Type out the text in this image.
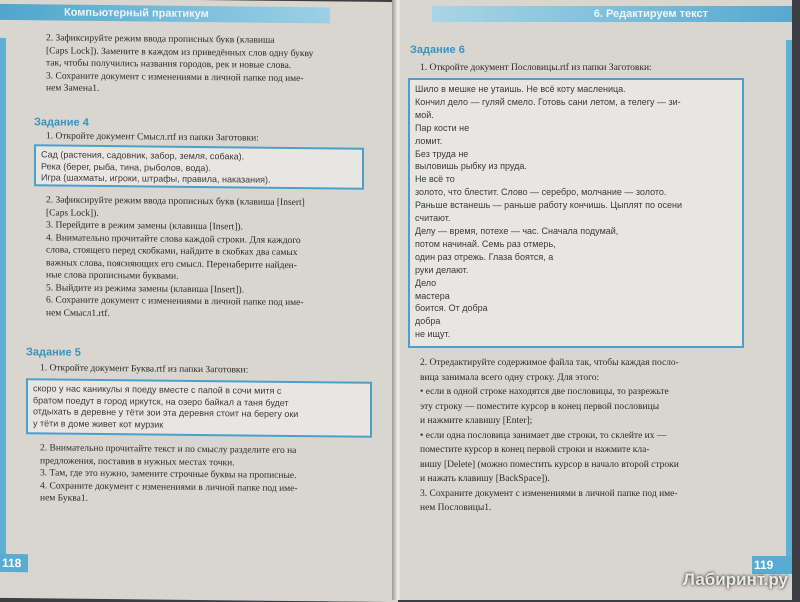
Компьютерный практикум
2. Зафиксируйте режим ввода прописных букв (клавиша
[Caps Lock]). Замените в каждом из приведённых слов одну букву
так, чтобы получились названия городов, рек и новые слова.
3. Сохраните документ с изменениями в личной папке под име-
нем Замена1.
Задание 4
1. Откройте документ Смысл.rtf из папки Заготовки:
Сад (растения, садовник, забор, земля, собака).
Река (берег, рыба, тина, рыболов, вода).
Игра (шахматы, игроки, штрафы, правила, наказания).
2. Зафиксируйте режим ввода прописных букв (клавиша [Insert]
[Caps Lock]).
3. Перейдите в режим замены (клавиша [Insert]).
4. Внимательно прочитайте слова каждой строки. Для каждого
слова, стоящего перед скобками, найдите в скобках два самых
важных слова, поясняющих его смысл. Перенаберите найден-
ные слова прописными буквами.
5. Выйдите из режима замены (клавиша [Insert]).
6. Сохраните документ с изменениями в личной папке под име-
нем Смысл1.rtf.
Задание 5
1. Откройте документ Буква.rtf из папки Заготовки:
скоро у нас каникулы я поеду вместе с папой в сочи митя с
братом поедут в город иркутск, на озеро байкал а таня будет
отдыхать в деревне у тёти зои эта деревня стоит на берегу оки
у тёти в доме живет кот мурзик
2. Внимательно прочитайте текст и по смыслу разделите его на
предложения, поставив в нужных местах точки.
3. Там, где это нужно, замените строчные буквы на прописные.
4. Сохраните документ с изменениями в личной папке под име-
нем Буква1.
118
6. Редактируем текст
Задание 6
1. Откройте документ Пословицы.rtf из папки Заготовки:
Шило в мешке не утаишь. Не всё коту масленица.
Кончил дело — гуляй смело. Готовь сани летом, а телегу — зи-
мой.
Пар кости не
ломит.
Без труда не
выловишь рыбку из пруда.
Не всё то
золото, что блестит. Слово — серебро, молчание — золото.
Раньше встанешь — раньше работу кончишь. Цыплят по осени
считают.
Делу — время, потехе — час. Сначала подумай,
потом начинай. Семь раз отмерь,
один раз отрежь. Глаза боятся, а
руки делают.
Дело
мастера
боится. От добра
добра
не ищут.
2. Отредактируйте содержимое файла так, чтобы каждая посло-
вица занимала всего одну строку. Для этого:
• если в одной строке находятся две пословицы, то разрежьте
эту строку — поместите курсор в конец первой пословицы
и нажмите клавишу [Enter];
• если одна пословица занимает две строки, то склейте их —
поместите курсор в конец первой строки и нажмите кла-
вишу [Delete] (можно поместить курсор в начало второй строки
и нажать клавишу [BackSpace]).
3. Сохраните документ с изменениями в личной папке под име-
нем Пословицы1.
119
Лабиринт.ру
